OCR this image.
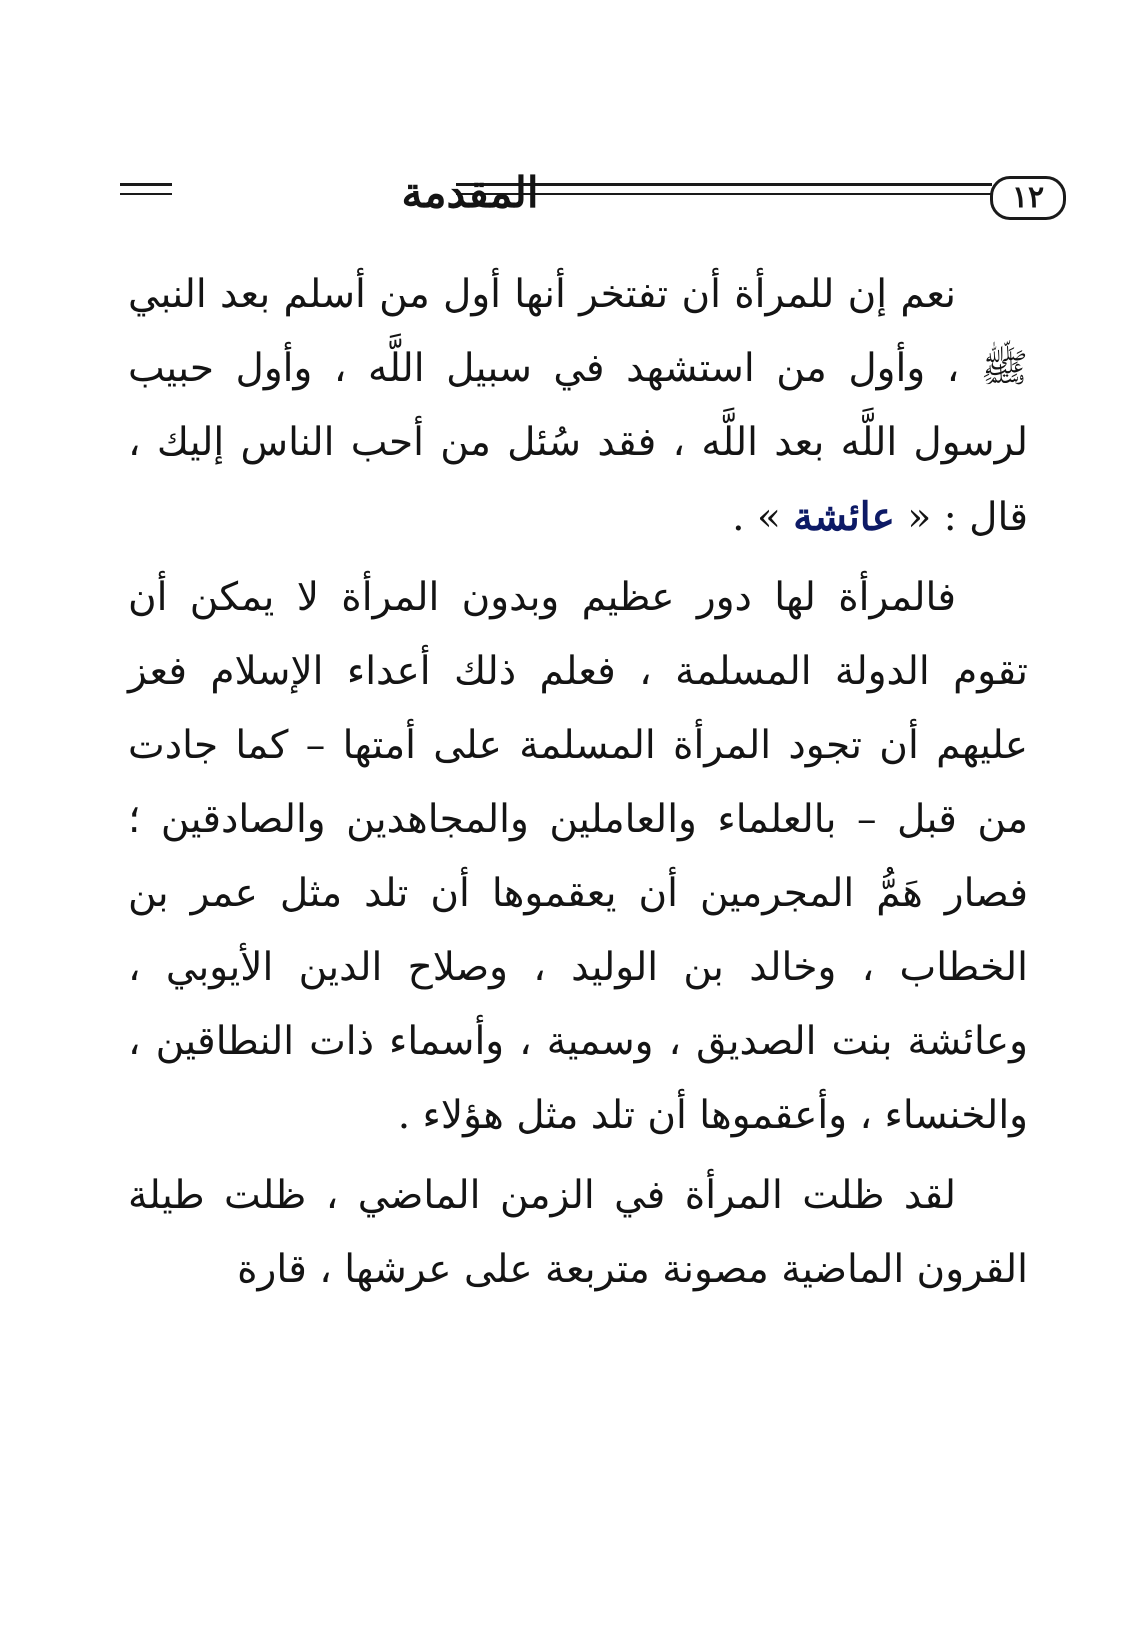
١٢
المقدمة

نعم إن للمرأة أن تفتخر أنها أول من أسلم بعد النبي ﷺ ، وأول من استشهد في سبيل اللَّه ، وأول حبيب لرسول اللَّه بعد اللَّه ، فقد سُئل من أحب الناس إليك ، قال : « عائشة » .

فالمرأة لها دور عظيم وبدون المرأة لا يمكن أن تقوم الدولة المسلمة ، فعلم ذلك أعداء الإسلام فعز عليهم أن تجود المرأة المسلمة على أمتها – كما جادت من قبل – بالعلماء والعاملين والمجاهدين والصادقين ؛ فصار هَمُّ المجرمين أن يعقموها أن تلد مثل عمر بن الخطاب ، وخالد بن الوليد ، وصلاح الدين الأيوبي ، وعائشة بنت الصديق ، وسمية ، وأسماء ذات النطاقين ، والخنساء ، وأعقموها أن تلد مثل هؤلاء .

لقد ظلت المرأة في الزمن الماضي ، ظلت طيلة القرون الماضية مصونة متربعة على عرشها ، قارة
